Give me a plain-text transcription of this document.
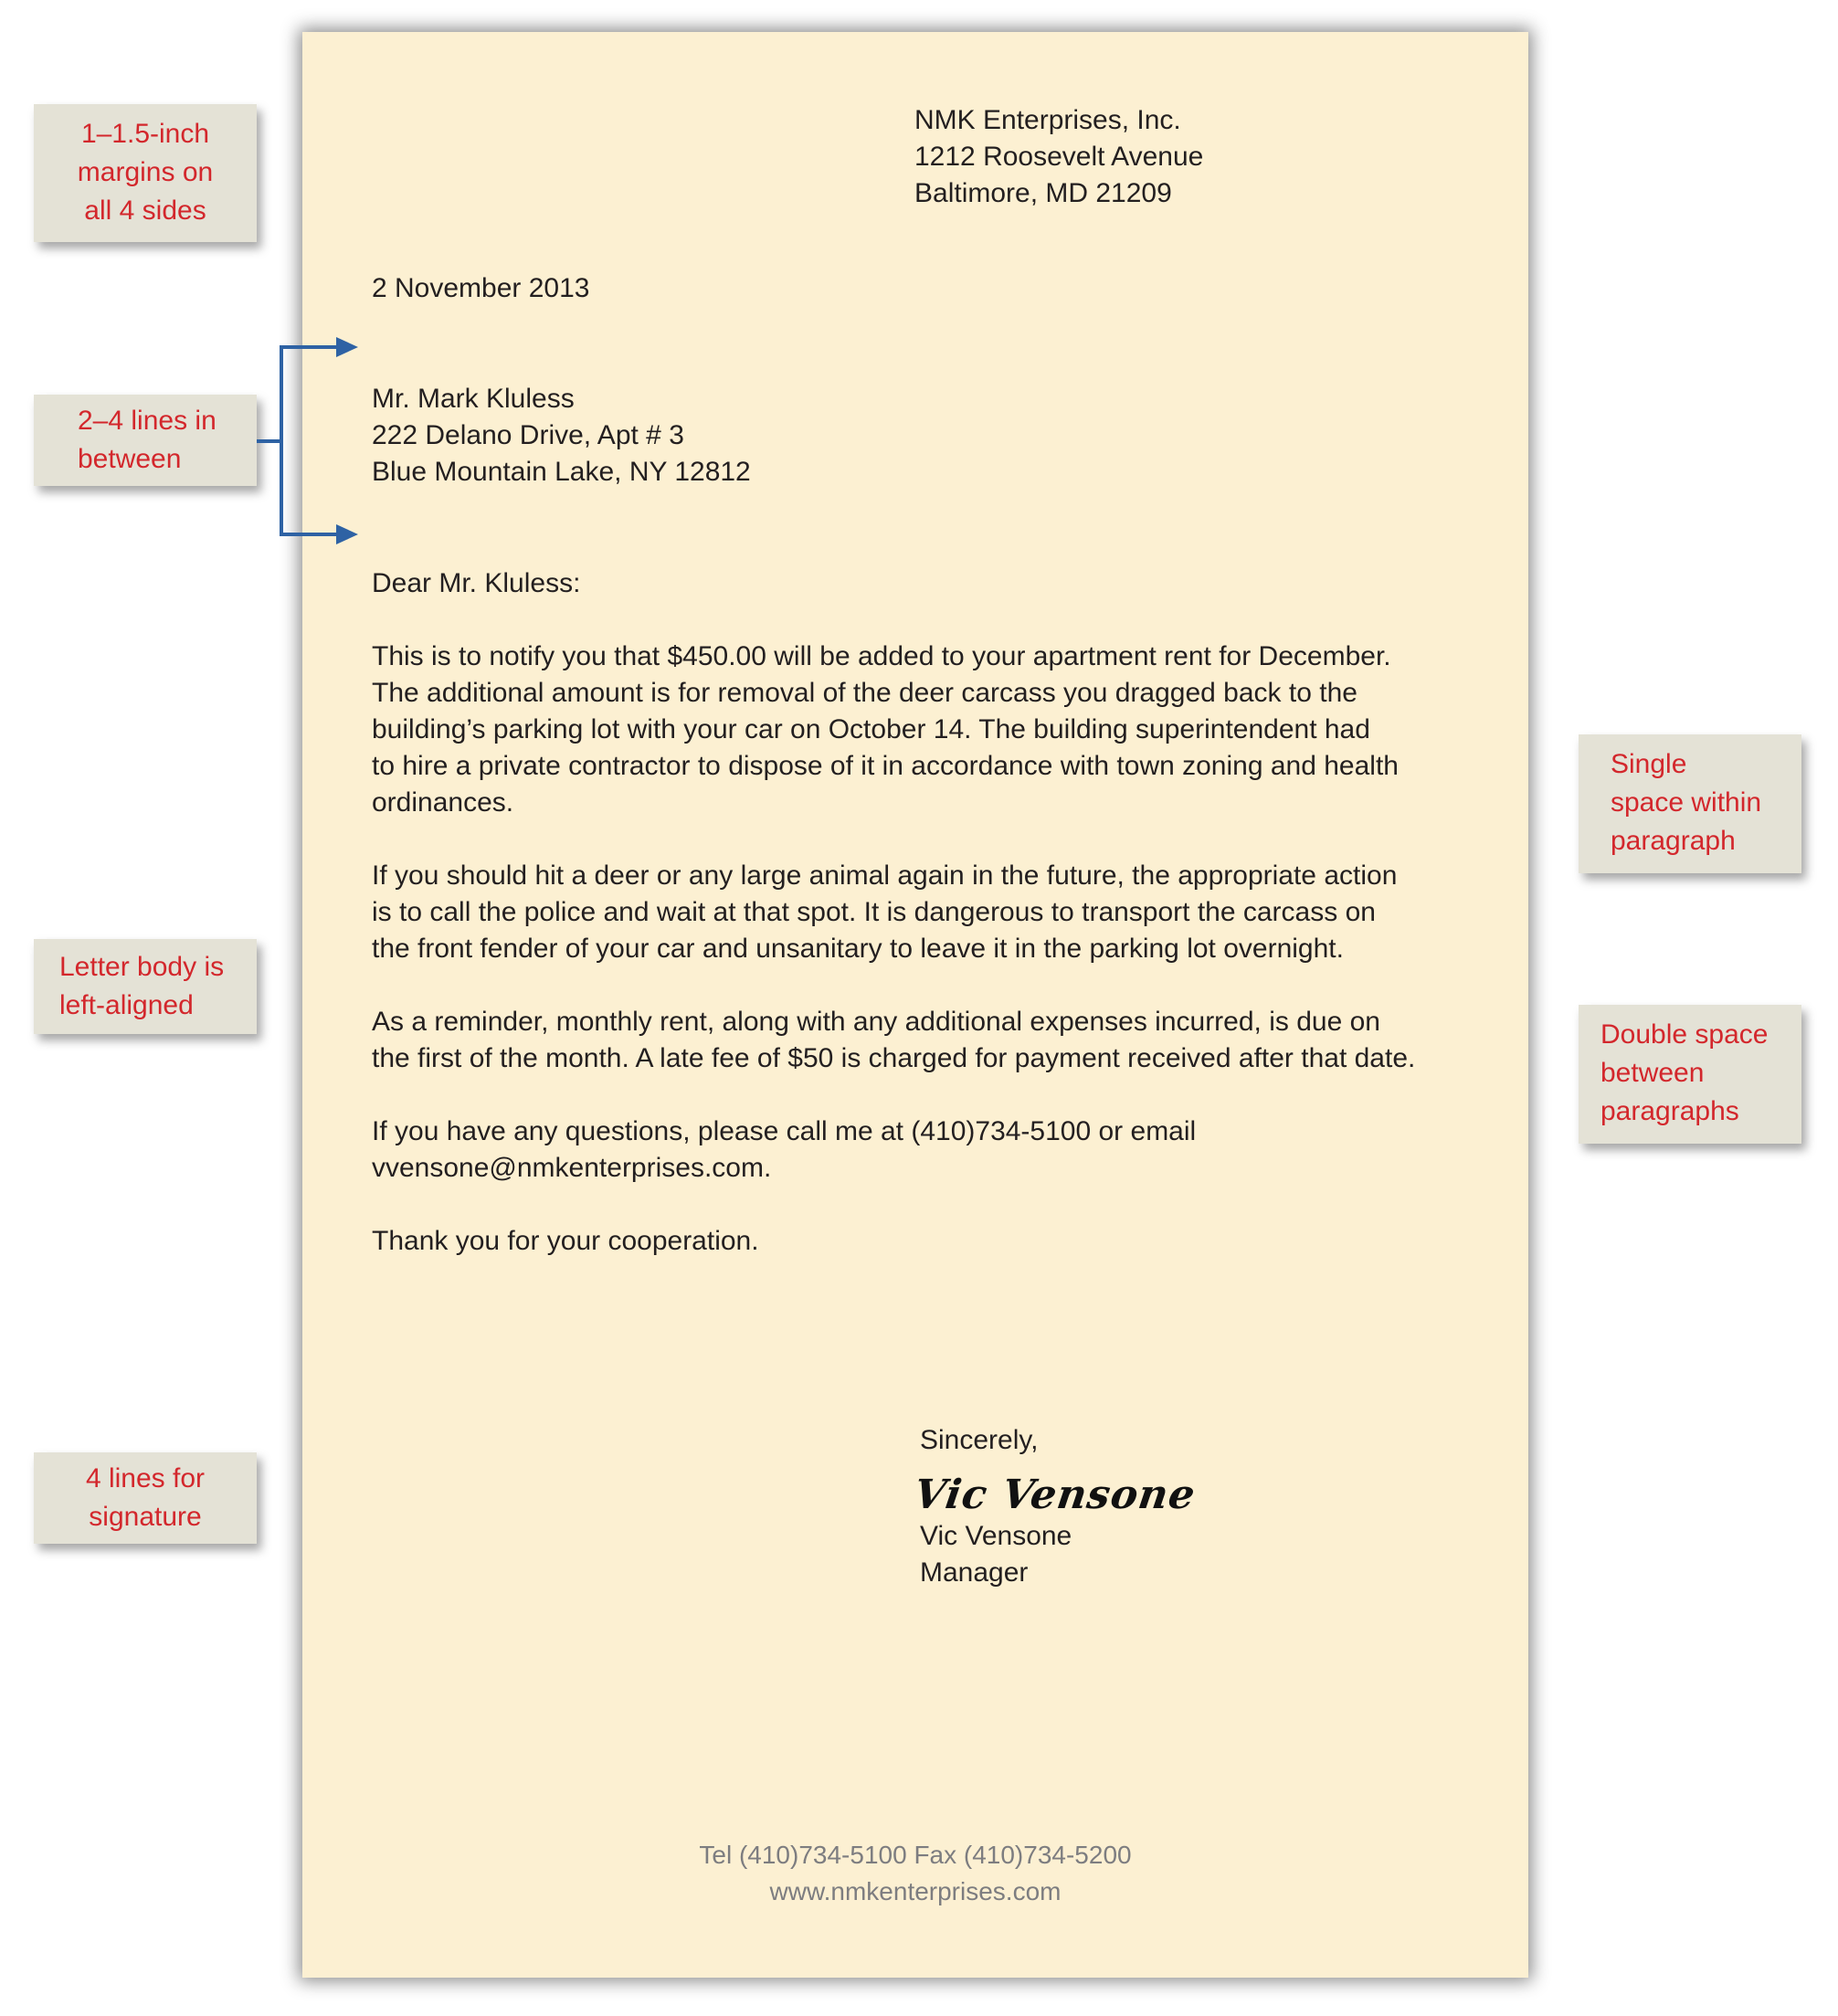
NMK Enterprises, Inc.
1212 Roosevelt Avenue
Baltimore, MD 21209
2 November 2013
Mr. Mark Kluless
222 Delano Drive, Apt # 3
Blue Mountain Lake, NY 12812
Dear Mr. Kluless:
This is to notify you that $450.00 will be added to your apartment rent for December.
The additional amount is for removal of the deer carcass you dragged back to the
building’s parking lot with your car on October 14. The building superintendent had
to hire a private contractor to dispose of it in accordance with town zoning and health
ordinances.
If you should hit a deer or any large animal again in the future, the appropriate action
is to call the police and wait at that spot. It is dangerous to transport the carcass on
the front fender of your car and unsanitary to leave it in the parking lot overnight.
As a reminder, monthly rent, along with any additional expenses incurred, is due on
the first of the month. A late fee of $50 is charged for payment received after that date.
If you have any questions, please call me at (410)734-5100 or email
vvensone@nmkenterprises.com.
Thank you for your cooperation.
Sincerely,
Vic Vensone
Vic Vensone
Manager
Tel (410)734-5100 Fax (410)734-5200
www.nmkenterprises.com
1–1.5-inch
margins on
all 4 sides
2–4 lines in
between
Letter body is
left-aligned
4 lines for
signature
Single
space within
paragraph
Double space
between
paragraphs
